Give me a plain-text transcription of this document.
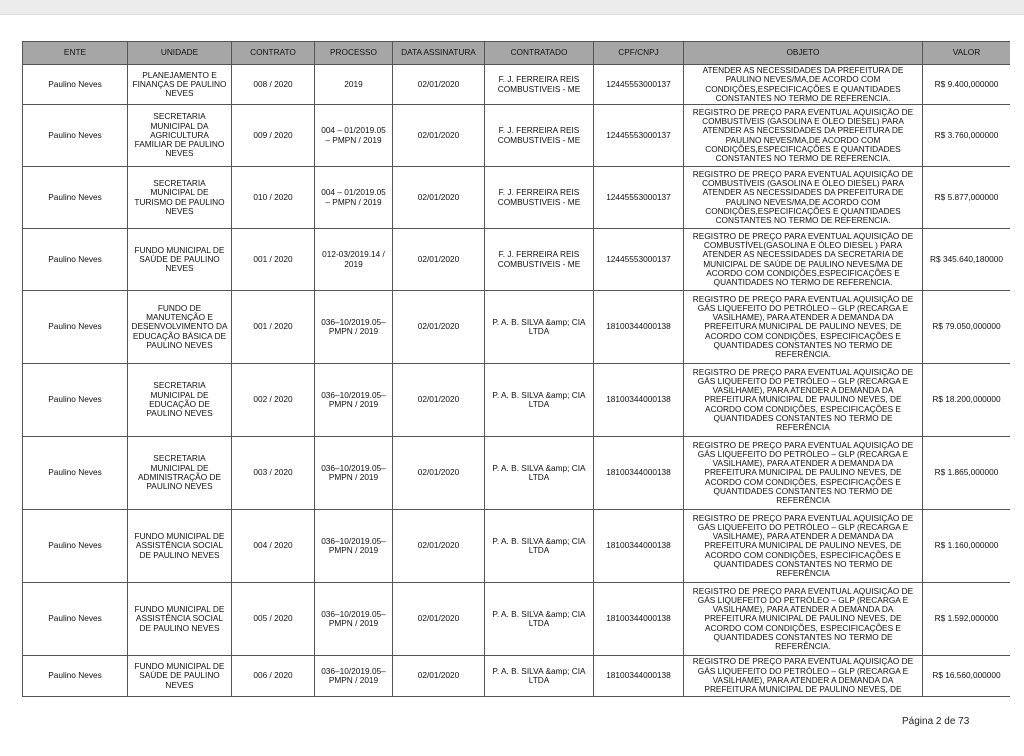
ENTE	UNIDADE	CONTRATO	PROCESSO	DATA ASSINATURA	CONTRATADO	CPF/CNPJ	OBJETO	VALOR
Paulino Neves	PLANEJAMENTO E FINANÇAS DE PAULINO NEVES	008 / 2020	2019	02/01/2020	F. J. FERREIRA REIS COMBUSTIVEIS - ME	12445553000137	ATENDER AS NECESSIDADES DA PREFEITURA DE PAULINO NEVES/MA,DE ACORDO COM CONDIÇÕES,ESPECIFICAÇÕES E QUANTIDADES CONSTANTES NO TERMO DE REFERENCIA.	R$ 9.400,000000
Paulino Neves	SECRETARIA MUNICIPAL DA AGRICULTURA FAMILIAR DE PAULINO NEVES	009 / 2020	004 – 01/2019.05 – PMPN / 2019	02/01/2020	F. J. FERREIRA REIS COMBUSTIVEIS - ME	12445553000137	REGISTRO DE PREÇO PARA EVENTUAL AQUISIÇÃO DE COMBUSTÍVEIS (GASOLINA E ÓLEO DIESEL) PARA ATENDER AS NECESSIDADES DA PREFEITURA DE PAULINO NEVES/MA,DE ACORDO COM CONDIÇÕES,ESPECIFICAÇÕES E QUANTIDADES CONSTANTES NO TERMO DE REFERENCIA.	R$ 3.760,000000
Paulino Neves	SECRETARIA MUNICIPAL DE TURISMO DE PAULINO NEVES	010 / 2020	004 – 01/2019.05 – PMPN / 2019	02/01/2020	F. J. FERREIRA REIS COMBUSTIVEIS - ME	12445553000137	REGISTRO DE PREÇO PARA EVENTUAL AQUISIÇÃO DE COMBUSTÍVEIS (GASOLINA E ÓLEO DIESEL) PARA ATENDER AS NECESSIDADES DA PREFEITURA DE PAULINO NEVES/MA,DE ACORDO COM CONDIÇÕES,ESPECIFICAÇÕES E QUANTIDADES CONSTANTES NO TERMO DE REFERENCIA.	R$ 5.877,000000
Paulino Neves	FUNDO MUNICIPAL DE SAÚDE DE PAULINO NEVES	001 / 2020	012-03/2019.14 / 2019	02/01/2020	F. J. FERREIRA REIS COMBUSTIVEIS - ME	12445553000137	REGISTRO DE PREÇO PARA EVENTUAL AQUISIÇÃO DE COMBUSTÍVEL(GASOLINA E ÓLEO DIESEL ) PARA ATENDER AS NECESSIDADES DA SECRETARIA DE MUNICIPAL DE SAÚDE DE PAULINO NEVES/MA DE ACORDO COM CONDIÇÕES,ESPECIFICAÇÕES E QUANTIDADES NO TERMO DE REFERENCIA.	R$ 345.640,180000
Paulino Neves	FUNDO DE MANUTENÇÃO E DESENVOLVIMENTO DA EDUCAÇÃO BÁSICA DE PAULINO NEVES	001 / 2020	036–10/2019.05– PMPN / 2019	02/01/2020	P. A. B. SILVA &amp; CIA LTDA	18100344000138	REGISTRO DE PREÇO PARA EVENTUAL AQUISIÇÃO DE GÁS LIQUEFEITO DO PETRÓLEO – GLP (RECARGA E VASILHAME), PARA ATENDER A DEMANDA DA PREFEITURA MUNICIPAL DE PAULINO NEVES, DE ACORDO COM CONDIÇÕES, ESPECIFICAÇÕES E QUANTIDADES CONSTANTES NO TERMO DE REFERÊNCIA.	R$ 79.050,000000
Paulino Neves	SECRETARIA MUNICIPAL DE EDUCAÇÃO DE PAULINO NEVES	002 / 2020	036–10/2019.05– PMPN / 2019	02/01/2020	P. A. B. SILVA &amp; CIA LTDA	18100344000138	REGISTRO DE PREÇO PARA EVENTUAL AQUISIÇÃO DE GÁS LIQUEFEITO DO PETRÓLEO – GLP (RECARGA E VASILHAME), PARA ATENDER A DEMANDA DA PREFEITURA MUNICIPAL DE PAULINO NEVES, DE ACORDO COM CONDIÇÕES, ESPECIFICAÇÕES E QUANTIDADES CONSTANTES NO TERMO DE REFERÊNCIA	R$ 18.200,000000
Paulino Neves	SECRETARIA MUNICIPAL DE ADMINISTRAÇÃO DE PAULINO NEVES	003 / 2020	036–10/2019.05– PMPN / 2019	02/01/2020	P. A. B. SILVA &amp; CIA LTDA	18100344000138	REGISTRO DE PREÇO PARA EVENTUAL AQUISIÇÃO DE GÁS LIQUEFEITO DO PETRÓLEO – GLP (RECARGA E VASILHAME), PARA ATENDER A DEMANDA DA PREFEITURA MUNICIPAL DE PAULINO NEVES, DE ACORDO COM CONDIÇÕES, ESPECIFICAÇÕES E QUANTIDADES CONSTANTES NO TERMO DE REFERÊNCIA	R$ 1.865,000000
Paulino Neves	FUNDO MUNICIPAL DE ASSISTÊNCIA SOCIAL DE PAULINO NEVES	004 / 2020	036–10/2019.05– PMPN / 2019	02/01/2020	P. A. B. SILVA &amp; CIA LTDA	18100344000138	REGISTRO DE PREÇO PARA EVENTUAL AQUISIÇÃO DE GÁS LIQUEFEITO DO PETRÓLEO – GLP (RECARGA E VASILHAME), PARA ATENDER A DEMANDA DA PREFEITURA MUNICIPAL DE PAULINO NEVES, DE ACORDO COM CONDIÇÕES, ESPECIFICAÇÕES E QUANTIDADES CONSTANTES NO TERMO DE REFERÊNCIA	R$ 1.160,000000
Paulino Neves	FUNDO MUNICIPAL DE ASSISTÊNCIA SOCIAL DE PAULINO NEVES	005 / 2020	036–10/2019.05– PMPN / 2019	02/01/2020	P. A. B. SILVA &amp; CIA LTDA	18100344000138	REGISTRO DE PREÇO PARA EVENTUAL AQUISIÇÃO DE GÁS LIQUEFEITO DO PETRÓLEO – GLP (RECARGA E VASILHAME), PARA ATENDER A DEMANDA DA PREFEITURA MUNICIPAL DE PAULINO NEVES, DE ACORDO COM CONDIÇÕES, ESPECIFICAÇÕES E QUANTIDADES CONSTANTES NO TERMO DE REFERÊNCIA.	R$ 1.592,000000
Paulino Neves	FUNDO MUNICIPAL DE SAÚDE DE PAULINO NEVES	006 / 2020	036–10/2019.05– PMPN / 2019	02/01/2020	P. A. B. SILVA &amp; CIA LTDA	18100344000138	REGISTRO DE PREÇO PARA EVENTUAL AQUISIÇÃO DE GÁS LIQUEFEITO DO PETRÓLEO – GLP (RECARGA E VASILHAME), PARA ATENDER A DEMANDA DA PREFEITURA MUNICIPAL DE PAULINO NEVES, DE	R$ 16.560,000000
Página 2 de 73
